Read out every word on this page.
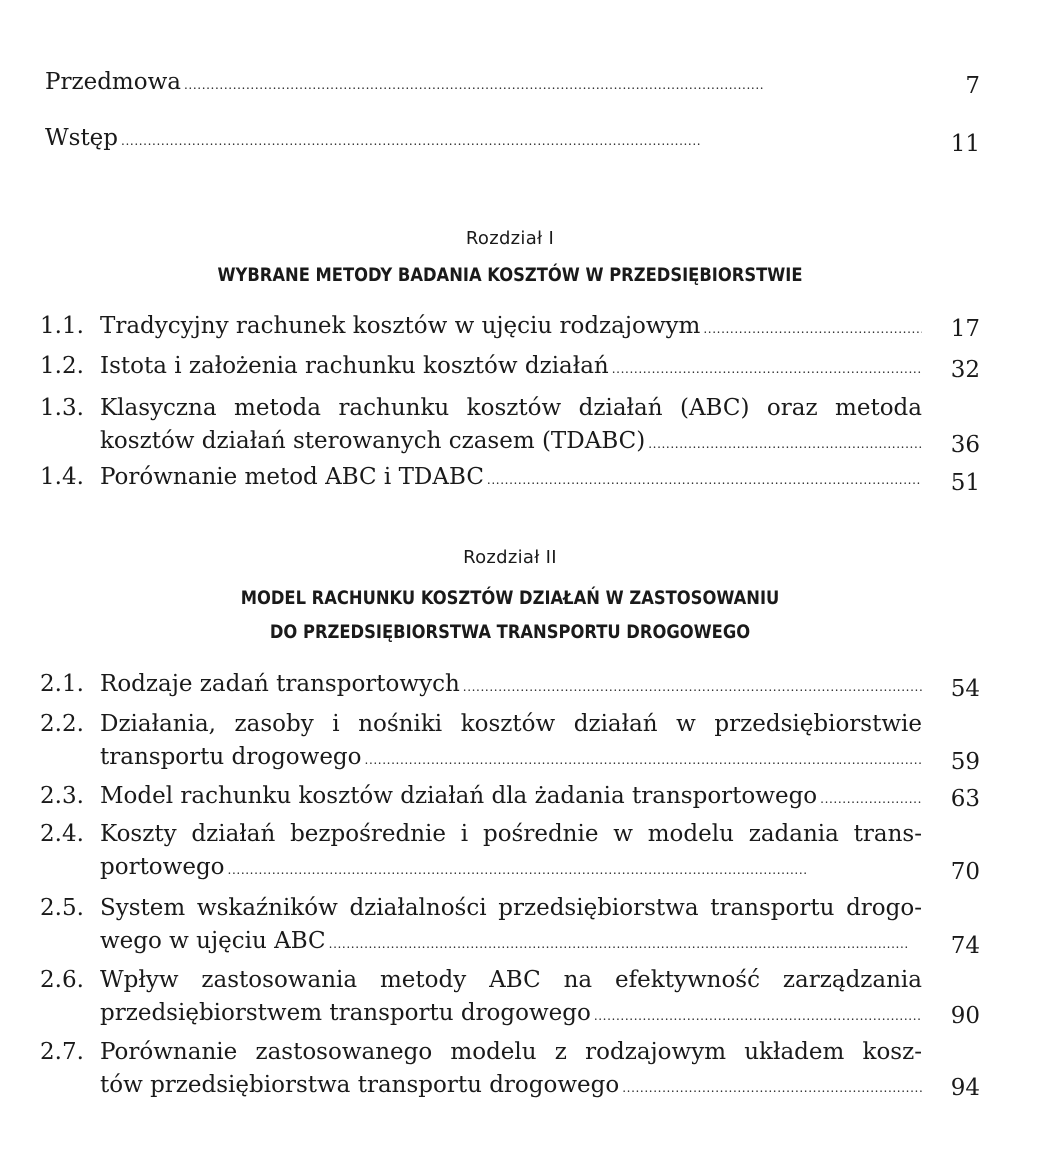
Przedmowa . . .	7
Wstęp . . .	11
Rozdział I
WYBRANE METODY BADANIA KOSZTÓW W PRZEDSIĘBIORSTWIE
1.1. Tradycyjny rachunek kosztów w ujęciu rodzajowym . . .	17
1.2. Istota i założenia rachunku kosztów działań . . .	32
1.3. Klasyczna metoda rachunku kosztów działań (ABC) oraz metoda
kosztów działań sterowanych czasem (TDABC) . . .	36
1.4. Porównanie metod ABC i TDABC . . .	51
Rozdział II
MODEL RACHUNKU KOSZTÓW DZIAŁAŃ W ZASTOSOWANIU
DO PRZEDSIĘBIORSTWA TRANSPORTU DROGOWEGO
2.1. Rodzaje zadań transportowych . . .	54
2.2. Działania, zasoby i nośniki kosztów działań w przedsiębiorstwie
transportu drogowego . . .	59
2.3. Model rachunku kosztów działań dla żadania transportowego . . .	63
2.4. Koszty działań bezpośrednie i pośrednie w modelu zadania trans-
portowego . . .	70
2.5. System wskaźników działalności przedsiębiorstwa transportu drogo-
wego w ujęciu ABC . . .	74
2.6. Wpływ zastosowania metody ABC na efektywność zarządzania
przedsiębiorstwem transportu drogowego . . .	90
2.7. Porównanie zastosowanego modelu z rodzajowym układem kosz-
tów przedsiębiorstwa transportu drogowego . . .	94
